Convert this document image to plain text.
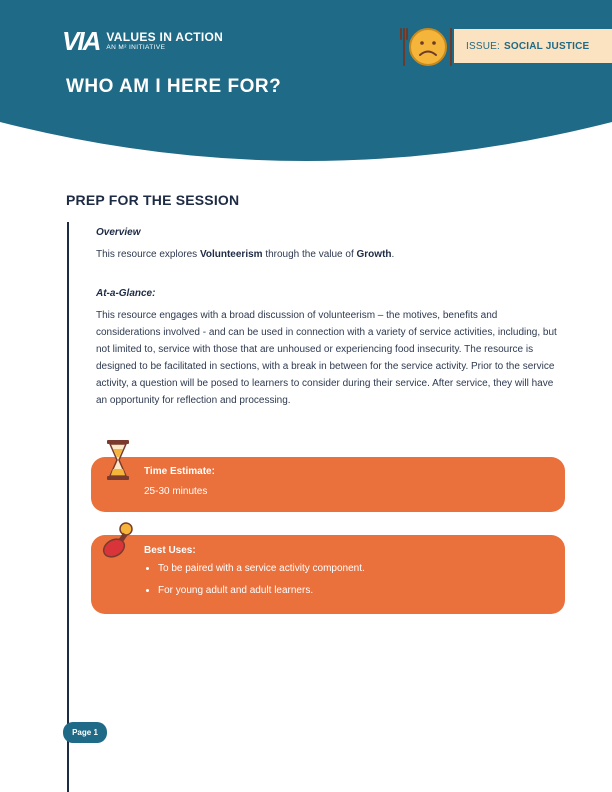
VIA VALUES IN ACTION
AN M² INITIATIVE	ISSUE: SOCIAL JUSTICE
WHO AM I HERE FOR?
PREP FOR THE SESSION

Overview

This resource explores Volunteerism through the value of Growth.

At-a-Glance:

This resource engages with a broad discussion of volunteerism – the motives, benefits and considerations involved - and can be used in connection with a variety of service activities, including, but not limited to, service with those that are unhoused or experiencing food insecurity. The resource is designed to be facilitated in sections, with a break in between for the service activity. Prior to the service activity, a question will be posed to learners to consider during their service. After service, they will have an opportunity for reflection and processing.

Time Estimate:

25-30 minutes

Best Uses:

• To be paired with a service activity component.
• For young adult and adult learners.
Page 1
